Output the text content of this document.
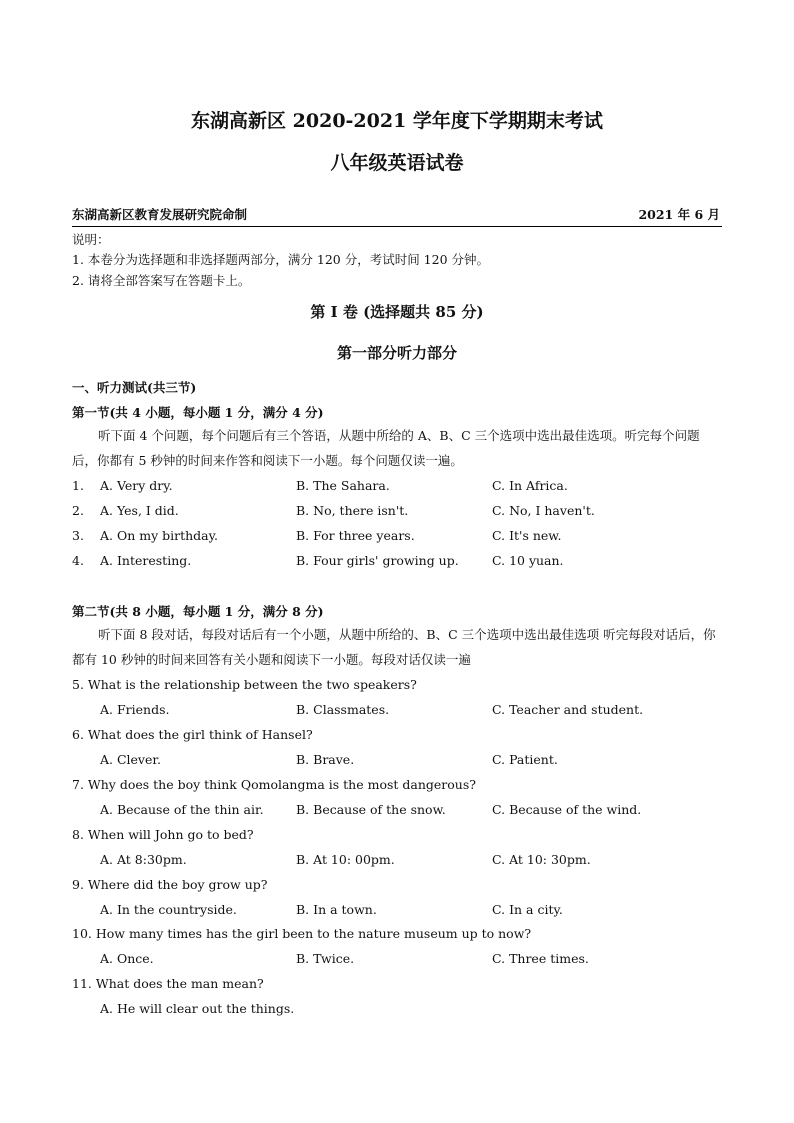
东湖高新区 2020-2021 学年度下学期期末考试
八年级英语试卷
东湖高新区教育发展研究院命制	2021 年 6 月
说明：
1. 本卷分为选择题和非选择题两部分，满分 120 分，考试时间 120 分钟。
2. 请将全部答案写在答题卡上。
第 I 卷 (选择题共 85 分)
第一部分听力部分
一、听力测试(共三节)
第一节(共 4 小题，每小题 1 分，满分 4 分)
听下面 4 个问题，每个问题后有三个答语，从题中所给的 A、B、C 三个选项中选出最佳选项。听完每个问题后，你都有 5 秒钟的时间来作答和阅读下一小题。每个问题仅读一遍。
1. A. Very dry.	B. The Sahara.	C. In Africa.
2. A. Yes, I did.	B. No, there isn't.	C. No, I haven't.
3. A. On my birthday.	B. For three years.	C. It's new.
4. A. Interesting.	B. Four girls' growing up.	C. 10 yuan.
第二节(共 8 小题，每小题 1 分，满分 8 分)
听下面 8 段对话，每段对话后有一个小题，从题中所给的、B、C 三个选项中选出最佳选项 听完每段对话后，你都有 10 秒钟的时间来回答有关小题和阅读下一小题。每段对话仅读一遍
5. What is the relationship between the two speakers?
A. Friends.	B. Classmates.	C. Teacher and student.
6. What does the girl think of Hansel?
A. Clever.	B. Brave.	C. Patient.
7. Why does the boy think Qomolangma is the most dangerous?
A. Because of the thin air.	B. Because of the snow.	C. Because of the wind.
8. When will John go to bed?
A. At 8:30pm.	B. At 10: 00pm.	C. At 10: 30pm.
9. Where did the boy grow up?
A. In the countryside.	B. In a town.	C. In a city.
10. How many times has the girl been to the nature museum up to now?
A. Once.	B. Twice.	C. Three times.
11. What does the man mean?
A. He will clear out the things.
